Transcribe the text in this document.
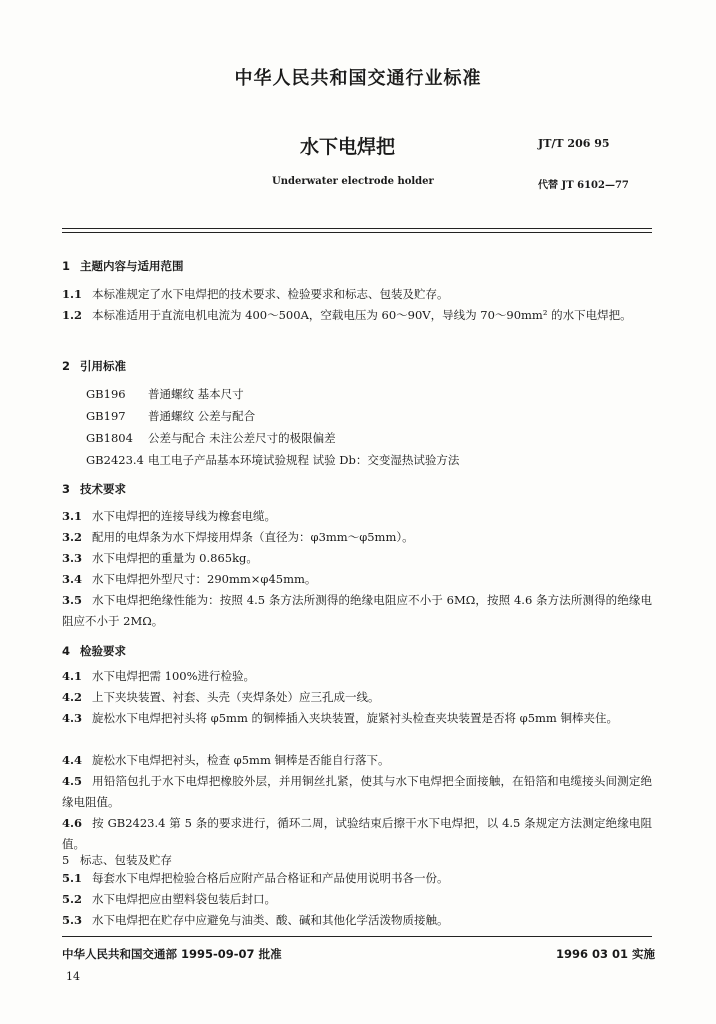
中华人民共和国交通行业标准
水下电焊把	JT/T 206 95
Underwater electrode holder	代替 JT 6102—77
1 主题内容与适用范围
1.1 本标准规定了水下电焊把的技术要求、检验要求和标志、包装及贮存。
1.2 本标准适用于直流电机电流为 400～500A，空载电压为 60～90V，导线为 70～90mm² 的水下电焊把。
2 引用标准
GB196 普通螺纹 基本尺寸
GB197 普通螺纹 公差与配合
GB1804 公差与配合 未注公差尺寸的极限偏差
GB2423.4 电工电子产品基本环境试验规程 试验 Db：交变湿热试验方法
3 技术要求
3.1 水下电焊把的连接导线为橡套电缆。
3.2 配用的电焊条为水下焊接用焊条（直径为：φ3mm～φ5mm）。
3.3 水下电焊把的重量为 0.865kg。
3.4 水下电焊把外型尺寸：290mm×φ45mm。
3.5 水下电焊把绝缘性能为：按照 4.5 条方法所测得的绝缘电阻应不小于 6MΩ，按照 4.6 条方法所测得的绝缘电阻应不小于 2MΩ。
4 检验要求
4.1 水下电焊把需 100%进行检验。
4.2 上下夹块装置、衬套、头壳（夹焊条处）应三孔成一线。
4.3 旋松水下电焊把衬头将 φ5mm 的铜棒插入夹块装置，旋紧衬头检查夹块装置是否将 φ5mm 铜棒夹住。
4.4 旋松水下电焊把衬头，检查 φ5mm 铜棒是否能自行落下。
4.5 用铅箔包扎于水下电焊把橡胶外层，并用铜丝扎紧，使其与水下电焊把全面接触，在铅箔和电缆接头间测定绝缘电阻值。
4.6 按 GB2423.4 第 5 条的要求进行，循环二周，试验结束后擦干水下电焊把，以 4.5 条规定方法测定绝缘电阻值。
5 标志、包装及贮存
5.1 每套水下电焊把检验合格后应附产品合格证和产品使用说明书各一份。
5.2 水下电焊把应由塑料袋包装后封口。
5.3 水下电焊把在贮存中应避免与油类、酸、碱和其他化学活泼物质接触。
中华人民共和国交通部 1995-09-07 批准	1996 03 01 实施
14
